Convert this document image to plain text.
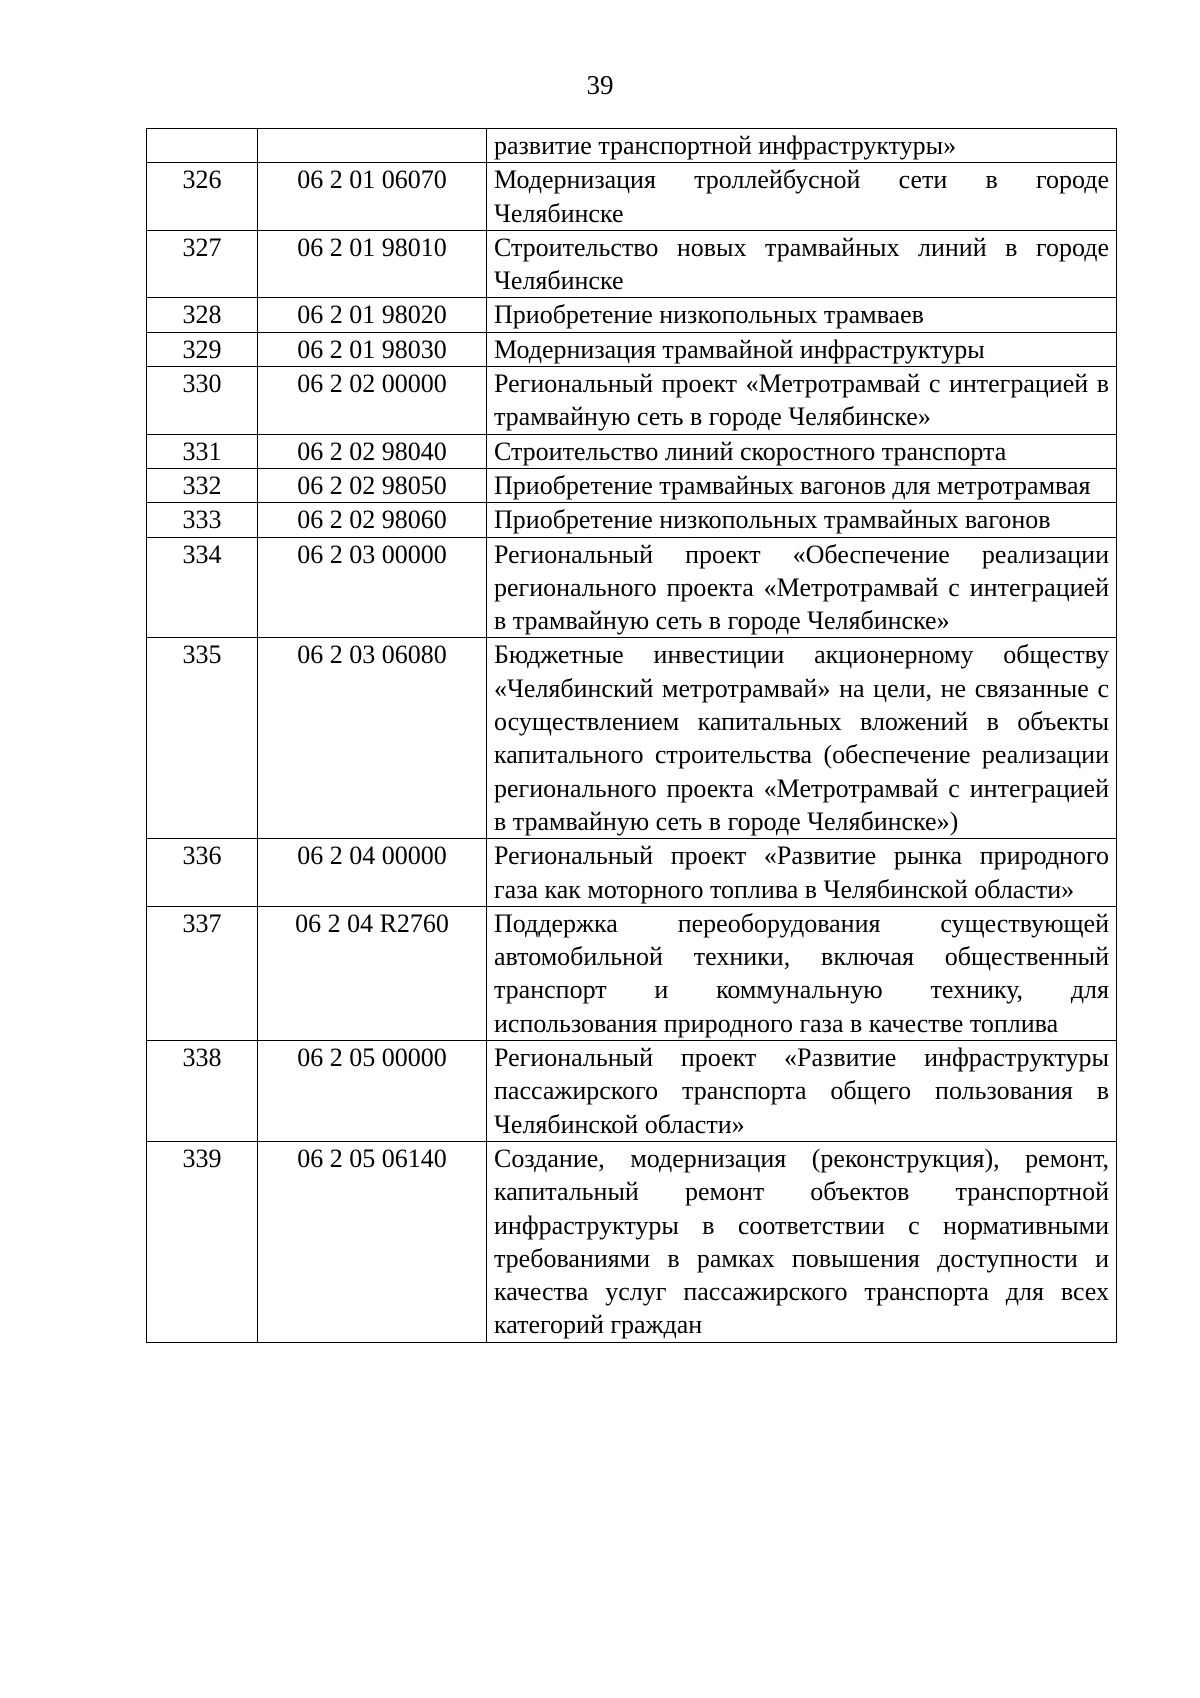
39
		развитие транспортной инфраструктуры»
326	06 2 01 06070	Модернизация троллейбусной сети в городе Челябинске
327	06 2 01 98010	Строительство новых трамвайных линий в городе Челябинске
328	06 2 01 98020	Приобретение низкопольных трамваев
329	06 2 01 98030	Модернизация трамвайной инфраструктуры
330	06 2 02 00000	Региональный проект «Метротрамвай с интеграцией в трамвайную сеть в городе Челябинске»
331	06 2 02 98040	Строительство линий скоростного транспорта
332	06 2 02 98050	Приобретение трамвайных вагонов для метротрамвая
333	06 2 02 98060	Приобретение низкопольных трамвайных вагонов
334	06 2 03 00000	Региональный проект «Обеспечение реализации регионального проекта «Метротрамвай с интеграцией в трамвайную сеть в городе Челябинске»
335	06 2 03 06080	Бюджетные инвестиции акционерному обществу «Челябинский метротрамвай» на цели, не связанные с осуществлением капитальных вложений в объекты капитального строительства (обеспечение реализации регионального проекта «Метротрамвай с интеграцией в трамвайную сеть в городе Челябинске»)
336	06 2 04 00000	Региональный проект «Развитие рынка природного газа как моторного топлива в Челябинской области»
337	06 2 04 R2760	Поддержка переоборудования существующей автомобильной техники, включая общественный транспорт и коммунальную технику, для использования природного газа в качестве топлива
338	06 2 05 00000	Региональный проект «Развитие инфраструктуры пассажирского транспорта общего пользования в Челябинской области»
339	06 2 05 06140	Создание, модернизация (реконструкция), ремонт, капитальный ремонт объектов транспортной инфраструктуры в соответствии с нормативными требованиями в рамках повышения доступности и качества услуг пассажирского транспорта для всех категорий граждан
